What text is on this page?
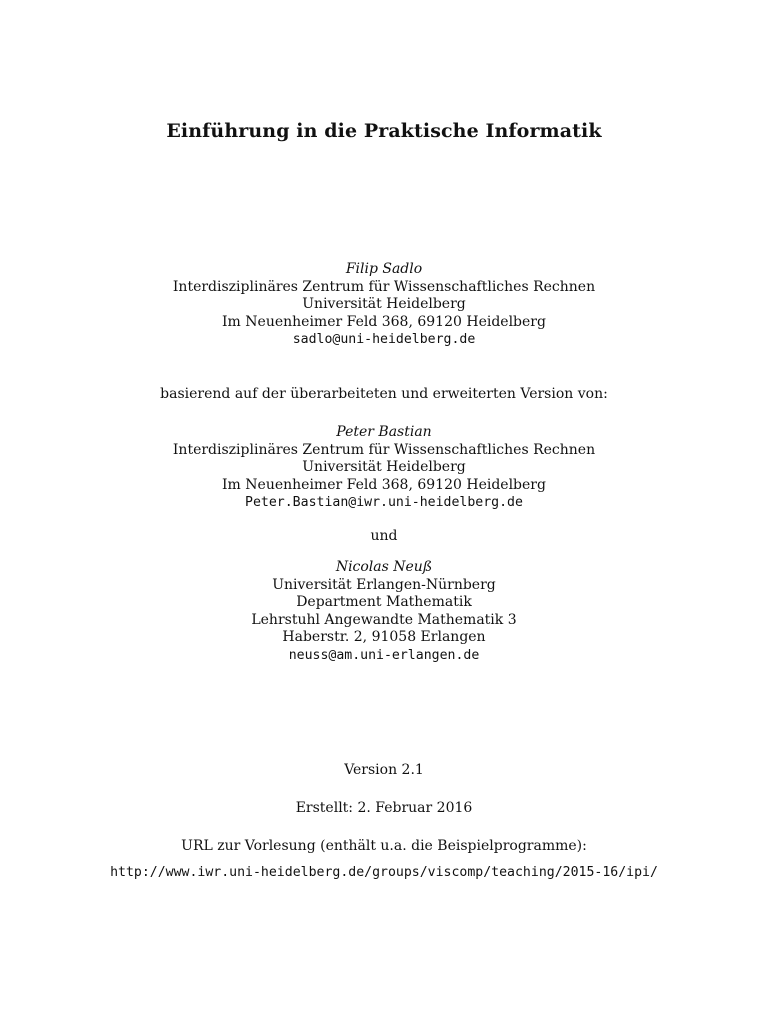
Einführung in die Praktische Informatik
Filip Sadlo
Interdisziplinäres Zentrum für Wissenschaftliches Rechnen
Universität Heidelberg
Im Neuenheimer Feld 368, 69120 Heidelberg
sadlo@uni-heidelberg.de
basierend auf der überarbeiteten und erweiterten Version von:
Peter Bastian
Interdisziplinäres Zentrum für Wissenschaftliches Rechnen
Universität Heidelberg
Im Neuenheimer Feld 368, 69120 Heidelberg
Peter.Bastian@iwr.uni-heidelberg.de
und
Nicolas Neuß
Universität Erlangen-Nürnberg
Department Mathematik
Lehrstuhl Angewandte Mathematik 3
Haberstr. 2, 91058 Erlangen
neuss@am.uni-erlangen.de
Version 2.1
Erstellt: 2. Februar 2016
URL zur Vorlesung (enthält u.a. die Beispielprogramme):
http://www.iwr.uni-heidelberg.de/groups/viscomp/teaching/2015-16/ipi/
